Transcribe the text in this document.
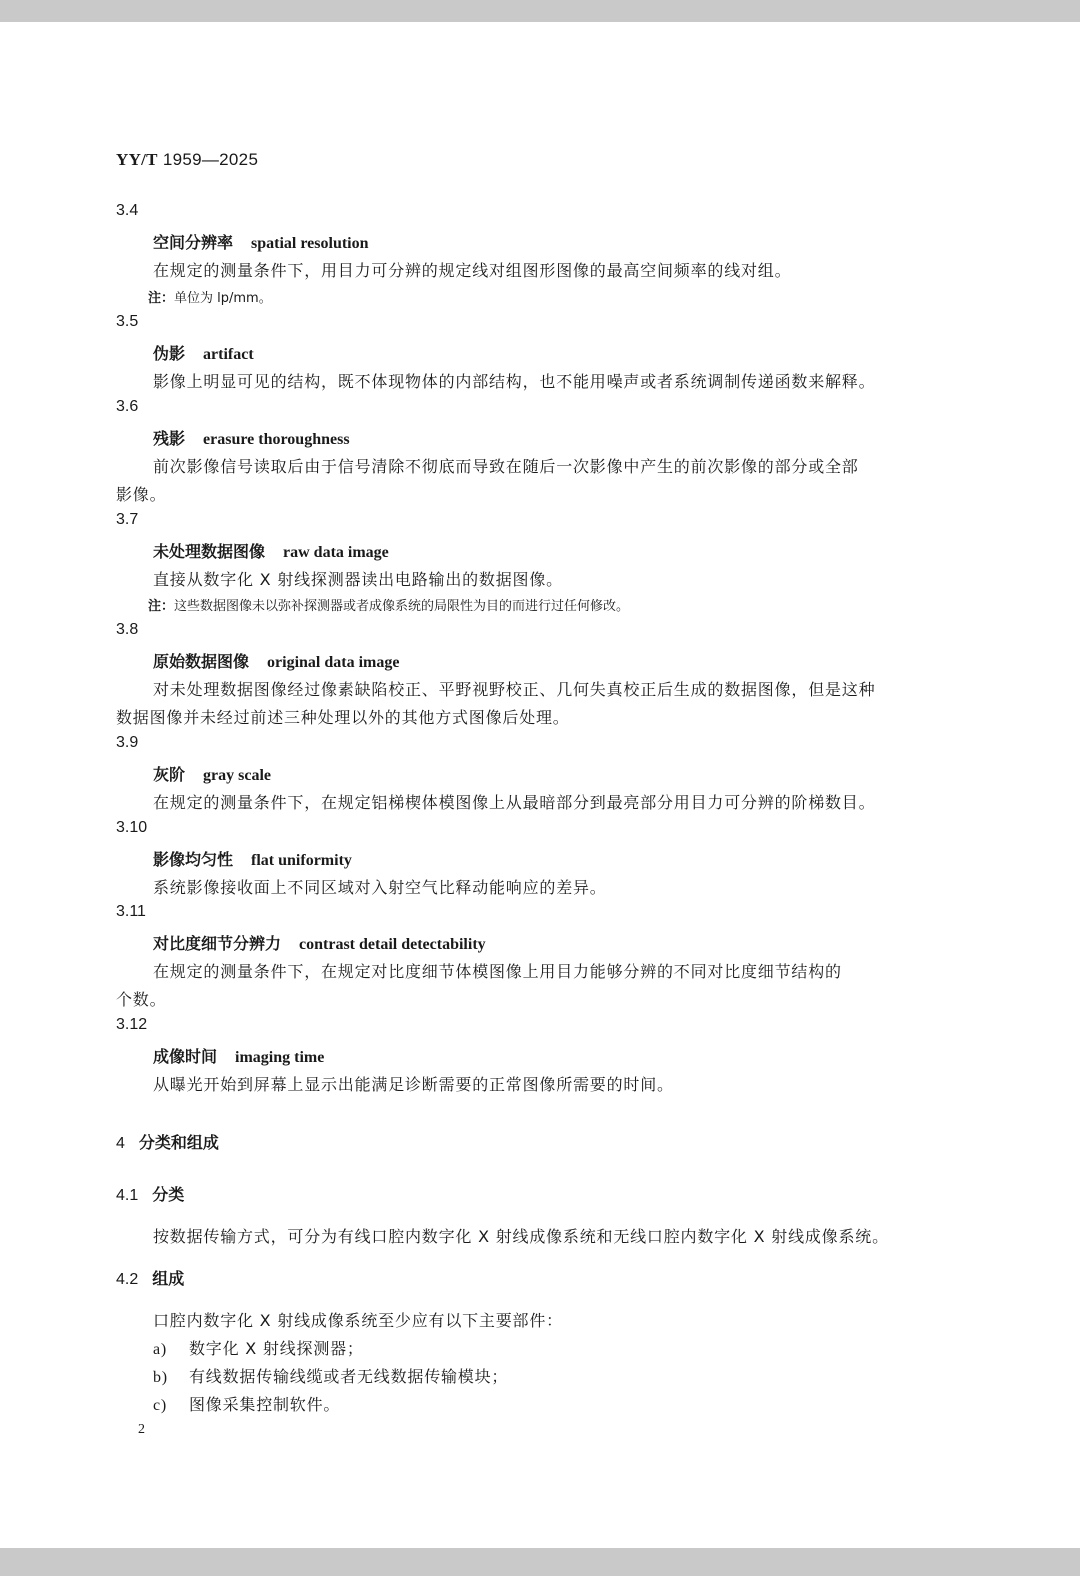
YY/T 1959—2025
3.4
空间分辨率 spatial resolution
在规定的测量条件下，用目力可分辨的规定线对组图形图像的最高空间频率的线对组。
注：单位为 lp/mm。
3.5
伪影 artifact
影像上明显可见的结构，既不体现物体的内部结构，也不能用噪声或者系统调制传递函数来解释。
3.6
残影 erasure thoroughness
前次影像信号读取后由于信号清除不彻底而导致在随后一次影像中产生的前次影像的部分或全部
影像。
3.7
未处理数据图像 raw data image
直接从数字化 X 射线探测器读出电路输出的数据图像。
注：这些数据图像未以弥补探测器或者成像系统的局限性为目的而进行过任何修改。
3.8
原始数据图像 original data image
对未处理数据图像经过像素缺陷校正、平野视野校正、几何失真校正后生成的数据图像，但是这种
数据图像并未经过前述三种处理以外的其他方式图像后处理。
3.9
灰阶 gray scale
在规定的测量条件下，在规定铝梯楔体模图像上从最暗部分到最亮部分用目力可分辨的阶梯数目。
3.10
影像均匀性 flat uniformity
系统影像接收面上不同区域对入射空气比释动能响应的差异。
3.11
对比度细节分辨力 contrast detail detectability
在规定的测量条件下，在规定对比度细节体模图像上用目力能够分辨的不同对比度细节结构的
个数。
3.12
成像时间 imaging time
从曝光开始到屏幕上显示出能满足诊断需要的正常图像所需要的时间。
4 分类和组成
4.1 分类
按数据传输方式，可分为有线口腔内数字化 X 射线成像系统和无线口腔内数字化 X 射线成像系统。
4.2 组成
口腔内数字化 X 射线成像系统至少应有以下主要部件：
a) 数字化 X 射线探测器；
b) 有线数据传输线缆或者无线数据传输模块；
c) 图像采集控制软件。
2
